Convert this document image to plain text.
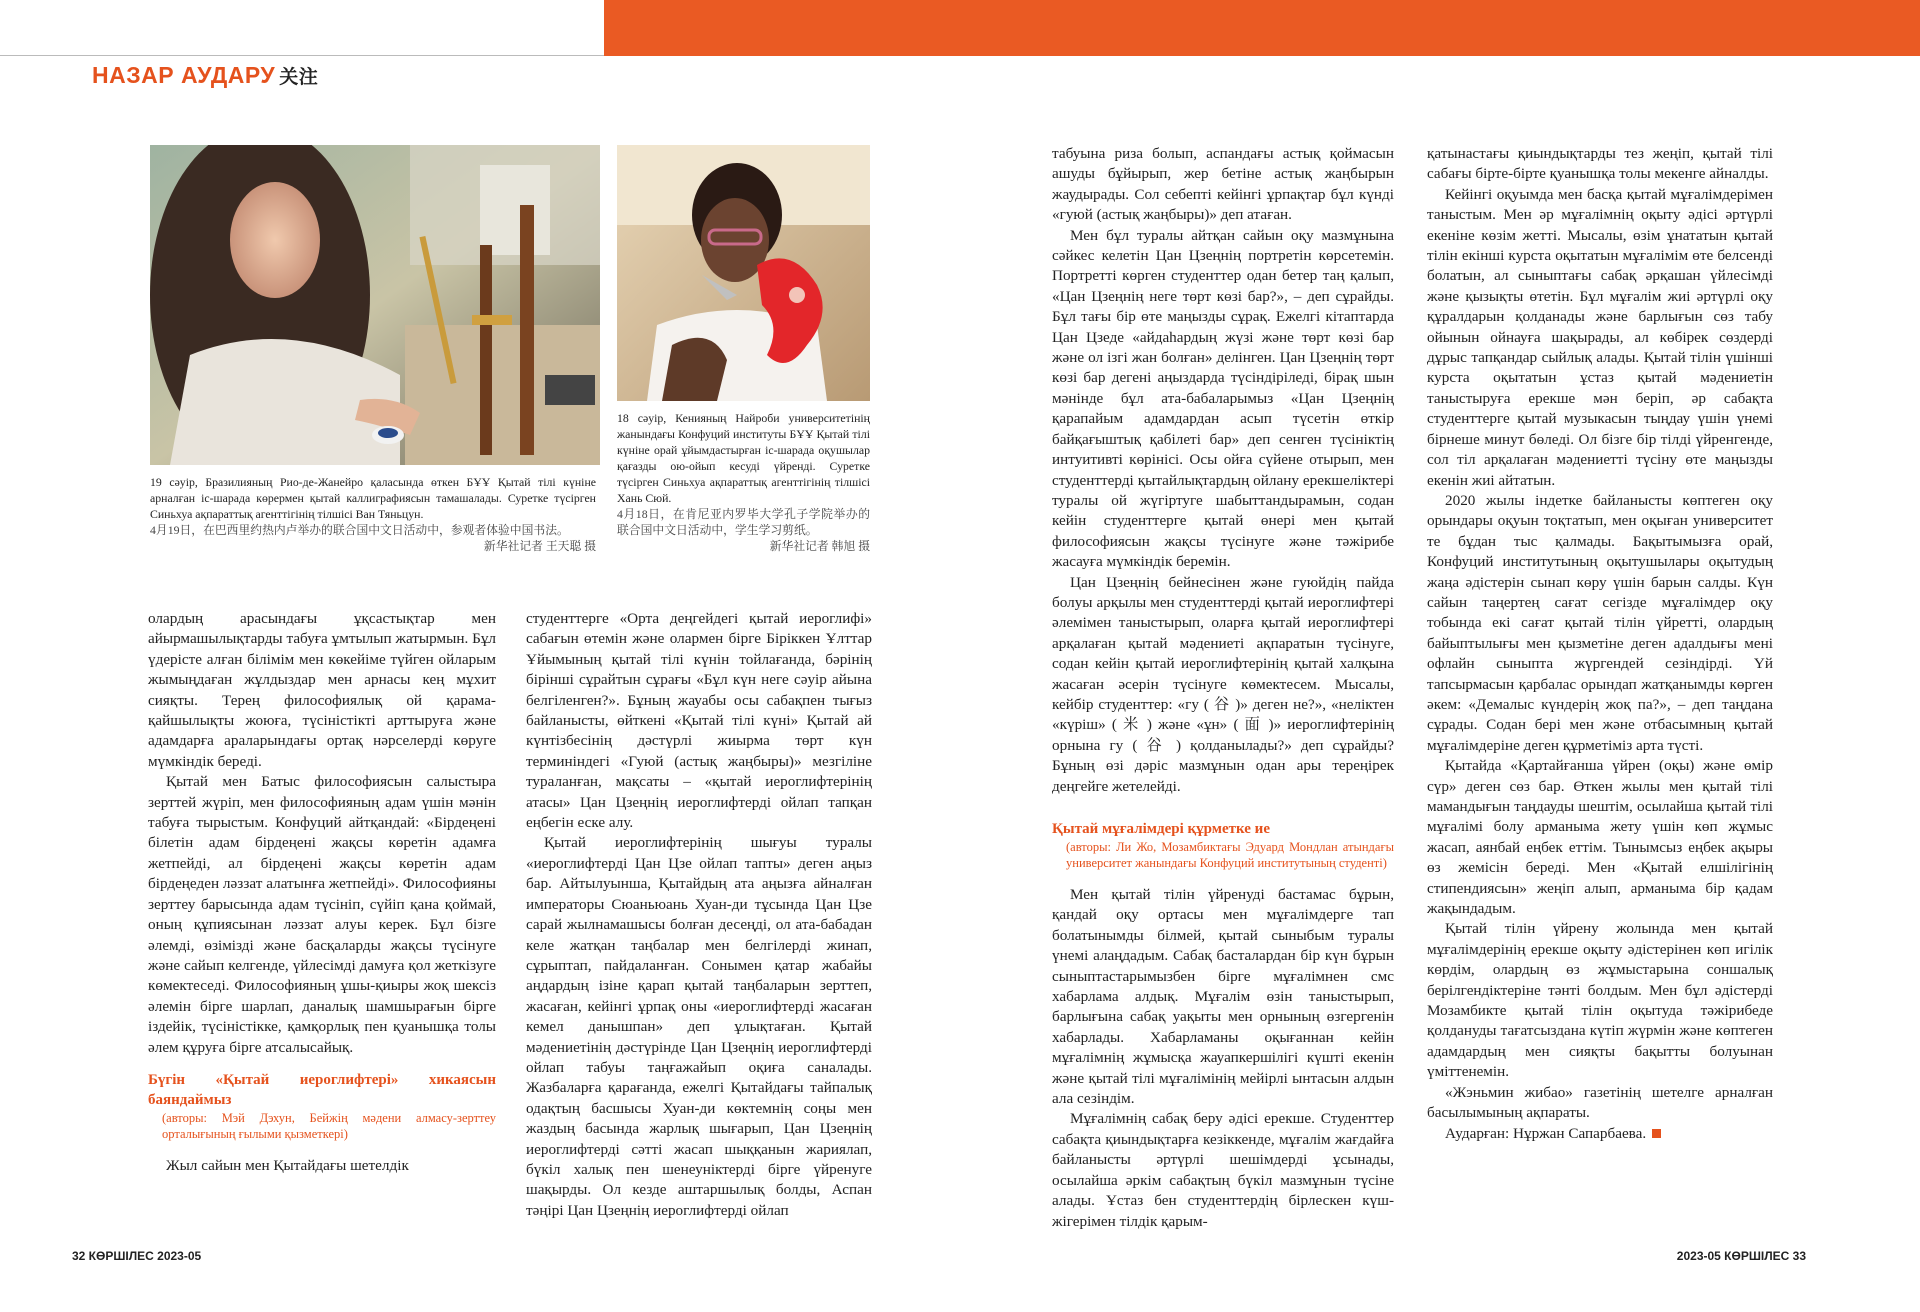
НАЗАР АУДАРУ 关注

19 сәуір, Бразилияның Рио-де-Жанейро қаласында өткен БҰҰ Қытай тілі күніне арналған іс-шарада көрермен қытай каллиграфиясын тамашалады. Суретке түсірген Синьхуа ақпараттық агенттігінің тілшісі Ван Тяньцун.

4月19日，在巴西里约热内卢举办的联合国中文日活动中，参观者体验中国书法。

新华社记者 王天聪 摄

18 сәуір, Кенияның Найроби университетінің жанындағы Конфуций институты БҰҰ Қытай тілі күніне орай ұйымдастырған іс-шарада оқушылар қағазды ою-ойып кесуді үйренді. Суретке түсірген Синьхуа ақпараттық агенттігінің тілшісі Хань Сюй.

4月18日，在肯尼亚内罗毕大学孔子学院举办的联合国中文日活动中，学生学习剪纸。

新华社记者 韩旭 摄

олардың арасындағы ұқсастықтар мен айырмашылықтарды табуға ұмтылып жатырмын. Бұл үдерісте алған білімім мен көкейіме түйген ойларым жымыңдаған жұлдыздар мен арнасы кең мұхит сияқты. Терең философиялық ой қарама-қайшылықты жоюға, түсіністікті арттыруға және адамдарға араларындағы ортақ нәрселерді көруге мүмкіндік береді.

Қытай мен Батыс философиясын салыстыра зерттей жүріп, мен философияның адам үшін мәнін табуға тырыстым. Конфуций айтқандай: «Бірдеңені білетін адам бірдеңені жақсы көретін адамға жетпейді, ал бірдеңені жақсы көретін адам бірдеңеден ләззат алатынға жетпейді». Философияны зерттеу барысында адам түсініп, сүйіп қана қоймай, оның құпиясынан ләззат алуы керек. Бұл бізге әлемді, өзімізді және басқаларды жақсы түсінуге және сайып келгенде, үйлесімді дамуға қол жеткізуге көмектеседі. Философияның ұшы-қиыры жоқ шексіз әлемін бірге шарлап, даналық шамшырағын бірге іздейік, түсіністікке, қамқорлық пен қуанышқа толы әлем құруға бірге атсалысайық.

Бүгін «Қытай иероглифтері» хикаясын баяндаймыз
(авторы: Мэй Дэхун, Бейжің мәдени алмасу-зерттеу орталығының ғылыми қызметкері)

Жыл сайын мен Қытайдағы шетелдік

студенттерге «Орта деңгейдегі қытай иероглифі» сабағын өтемін және олармен бірге Біріккен Ұлттар Ұйымының қытай тілі күнін тойлағанда, бәрінің бірінші сұрайтын сұрағы «Бұл күн неге сәуір айына белгіленген?». Бұның жауабы осы сабақпен тығыз байланысты, өйткені «Қытай тілі күні» Қытай ай күнтізбесінің дәстүрлі жиырма төрт күн терминіндегі «Гуюй (астық жаңбыры)» мезгіліне тураланған, мақсаты – «қытай иероглифтерінің атасы» Цан Цзеңнің иероглифтерді ойлап тапқан еңбегін еске алу.

Қытай иероглифтерінің шығуы туралы «иероглифтерді Цан Цзе ойлап тапты» деген аңыз бар. Айтылуынша, Қытайдың ата аңызға айналған императоры Сюаньюань Хуан-ди тұсында Цан Цзе сарай жылнамашысы болған десеңді, ол ата-бабадан келе жатқан таңбалар мен белгілерді жинап, сұрыптап, пайдаланған. Сонымен қатар жабайы аңдардың ізіне қарап қытай таңбаларын зерттеп, жасаған, кейінгі ұрпақ оны «иероглифтерді жасаған кемел данышпан» деп ұлықтаған. Қытай мәдениетінің дәстүрінде Цан Цзеңнің иероглифтерді ойлап табуы таңғажайып оқиға саналады. Жазбаларға қарағанда, ежелгі Қытайдағы тайпалық одақтың басшысы Хуан-ди көктемнің соңы мен жаздың басында жарлық шығарып, Цан Цзеңнің иероглифтерді сәтті жасап шыққанын жариялап, бүкіл халық пен шенеуніктерді бірге үйренуге шақырды. Ол кезде аштаршылық болды, Аспан тәңірі Цан Цзеңнің иероглифтерді ойлап

табуына риза болып, аспандағы астық қоймасын ашуды бұйырып, жер бетіне астық жаңбырын жаудырады. Сол себепті кейінгі ұрпақтар бұл күнді «гуюй (астық жаңбыры)» деп атаған.

Мен бұл туралы айтқан сайын оқу мазмұнына сәйкес келетін Цан Цзеңнің портретін көрсетемін. Портретті көрген студенттер одан бетер таң қалып, «Цан Цзеңнің неге төрт көзі бар?», – деп сұрайды. Бұл тағы бір өте маңызды сұрақ. Ежелгі кітаптарда Цан Цзеде «айдаһардың жүзі және төрт көзі бар және ол ізгі жан болған» делінген. Цан Цзеңнің төрт көзі бар дегені аңыздарда түсіндіріледі, бірақ шын мәнінде бұл ата-бабаларымыз «Цан Цзеңнің қарапайым адамдардан асып түсетін өткір байқағыштық қабілеті бар» деп сенген түсініктің интуитивті көрінісі. Осы ойға сүйене отырып, мен студенттерді қытайлықтардың ойлану ерекшеліктері туралы ой жүгіртуге шабыттандырамын, содан кейін студенттерге қытай өнері мен қытай философиясын жақсы түсінуге және тәжірибе жасауға мүмкіндік беремін.

Цан Цзеңнің бейнесінен және гуюйдің пайда болуы арқылы мен студенттерді қытай иероглифтері әлемімен таныстырып, оларға қытай иероглифтері арқалаған қытай мәдениеті ақпаратын түсінуге, содан кейін қытай иероглифтерінің қытай халқына жасаған әсерін түсінуге көмектесем. Мысалы, кейбір студенттер: «гу ( 谷 )» деген не?», «неліктен «күріш» ( 米 ) және «ұн» ( 面 )» иероглифтерінің орнына гу ( 谷 ) қолданылады?» деп сұрайды? Бұның өзі дәріс мазмұнын одан ары тереңірек деңгейге жетелейді.

Қытай мұғалімдері құрметке ие
(авторы: Ли Жо, Мозамбиктағы Эдуард Мондлан атындағы университет жанындағы Конфуций институтының студенті)

Мен қытай тілін үйренуді бастамас бұрын, қандай оқу ортасы мен мұғалімдерге тап болатынымды білмей, қытай сыныбым туралы үнемі алаңдадым. Сабақ басталардан бір күн бұрын сыныптастарымызбен бірге мұғалімнен смс хабарлама алдық. Мұғалім өзін таныстырып, барлығына сабақ уақыты мен орнының өзгергенін хабарлады. Хабарламаны оқығаннан кейін мұғалімнің жұмысқа жауапкершілігі күшті екенін және қытай тілі мұғалімінің мейірлі ынтасын алдын ала сезіндім.

Мұғалімнің сабақ беру әдісі ерекше. Студенттер сабақта қиындықтарға кезіккенде, мұғалім жағдайға байланысты әртүрлі шешімдерді ұсынады, осылайша әркім сабақтың бүкіл мазмұнын түсіне алады. Ұстаз бен студенттердің бірлескен күш-жігерімен тілдік қарым-

қатынастағы қиындықтарды тез жеңіп, қытай тілі сабағы бірте-бірте қуанышқа толы мекенге айналды.

Кейінгі оқуымда мен басқа қытай мұғалімдерімен таныстым. Мен әр мұғалімнің оқыту әдісі әртүрлі екеніне көзім жетті. Мысалы, өзім ұнататын қытай тілін екінші курста оқытатын мұғалімім өте белсенді болатын, ал сыныптағы сабақ әрқашан үйлесімді және қызықты өтетін. Бұл мұғалім жиі әртүрлі оқу құралдарын қолданады және барлығын сөз табу ойынын ойнауға шақырады, ал көбірек сөздерді дұрыс тапқандар сыйлық алады. Қытай тілін үшінші курста оқытатын ұстаз қытай мәдениетін таныстыруға ерекше мән беріп, әр сабақта студенттерге қытай музыкасын тыңдау үшін үнемі бірнеше минут бөледі. Ол бізге бір тілді үйренгенде, сол тіл арқалаған мәдениетті түсіну өте маңызды екенін жиі айтатын.

2020 жылы індетке байланысты көптеген оқу орындары оқуын тоқтатып, мен оқыған университет те бұдан тыс қалмады. Бақытымызға орай, Конфуций институтының оқытушылары оқытудың жаңа әдістерін сынап көру үшін барын салды. Күн сайын таңертең сағат сегізде мұғалімдер оқу тобында екі сағат қытай тілін үйретті, олардың байыптылығы мен қызметіне деген адалдығы мені офлайн сыныпта жүргендей сезіндірді. Үй тапсырмасын қарбалас орындап жатқанымды көрген әкем: «Демалыс күндерің жоқ па?», – деп таңдана сұрады. Содан бері мен және отбасымның қытай мұғалімдеріне деген құрметіміз арта түсті.

Қытайда «Қартайғанша үйрен (оқы) және өмір сүр» деген сөз бар. Өткен жылы мен қытай тілі мамандығын таңдауды шештім, осылайша қытай тілі мұғалімі болу арманыма жету үшін көп жұмыс жасап, аянбай еңбек еттім. Тынымсыз еңбек ақыры өз жемісін береді. Мен «Қытай елшілігінің стипендиясын» жеңіп алып, арманыма бір қадам жақындадым.

Қытай тілін үйрену жолында мен қытай мұғалімдерінің ерекше оқыту әдістерінен көп игілік көрдім, олардың өз жұмыстарына соншалық берілгендіктеріне тәнті болдым. Мен бұл әдістерді Мозамбикте қытай тілін оқытуда тәжірибеде қолдануды тағатсыздана күтіп жүрмін және көптеген адамдардың мен сияқты бақытты болуынан үміттенемін.

«Жэньмин жибао» газетінің шетелге арналған басылымының ақпараты.

Аударған: Нұржан Сапарбаева.

32 КӨРШІЛЕС 2023-05	2023-05 КӨРШІЛЕС 33
